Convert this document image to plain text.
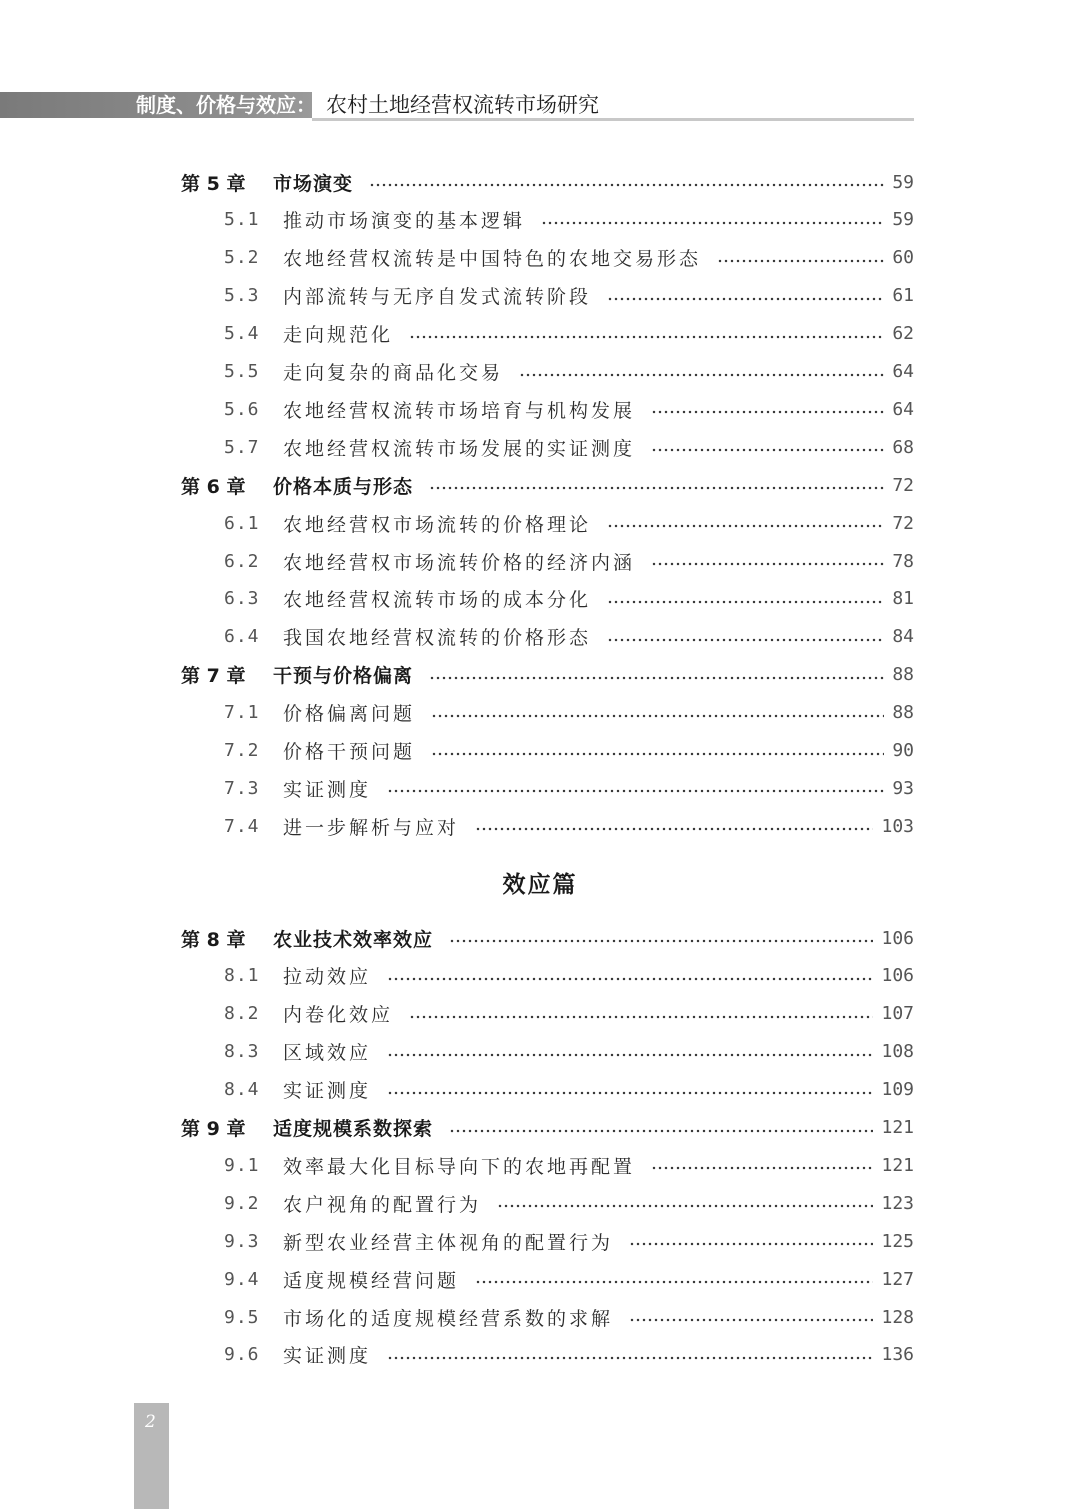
制度、价格与效应： 农村土地经营权流转市场研究
第 5 章	市场演变	59
5.1	推动市场演变的基本逻辑	59
5.2	农地经营权流转是中国特色的农地交易形态	60
5.3	内部流转与无序自发式流转阶段	61
5.4	走向规范化	62
5.5	走向复杂的商品化交易	64
5.6	农地经营权流转市场培育与机构发展	64
5.7	农地经营权流转市场发展的实证测度	68
第 6 章	价格本质与形态	72
6.1	农地经营权市场流转的价格理论	72
6.2	农地经营权市场流转价格的经济内涵	78
6.3	农地经营权流转市场的成本分化	81
6.4	我国农地经营权流转的价格形态	84
第 7 章	干预与价格偏离	88
7.1	价格偏离问题	88
7.2	价格干预问题	90
7.3	实证测度	93
7.4	进一步解析与应对	103
效应篇
第 8 章	农业技术效率效应	106
8.1	拉动效应	106
8.2	内卷化效应	107
8.3	区域效应	108
8.4	实证测度	109
第 9 章	适度规模系数探索	121
9.1	效率最大化目标导向下的农地再配置	121
9.2	农户视角的配置行为	123
9.3	新型农业经营主体视角的配置行为	125
9.4	适度规模经营问题	127
9.5	市场化的适度规模经营系数的求解	128
9.6	实证测度	136
2
